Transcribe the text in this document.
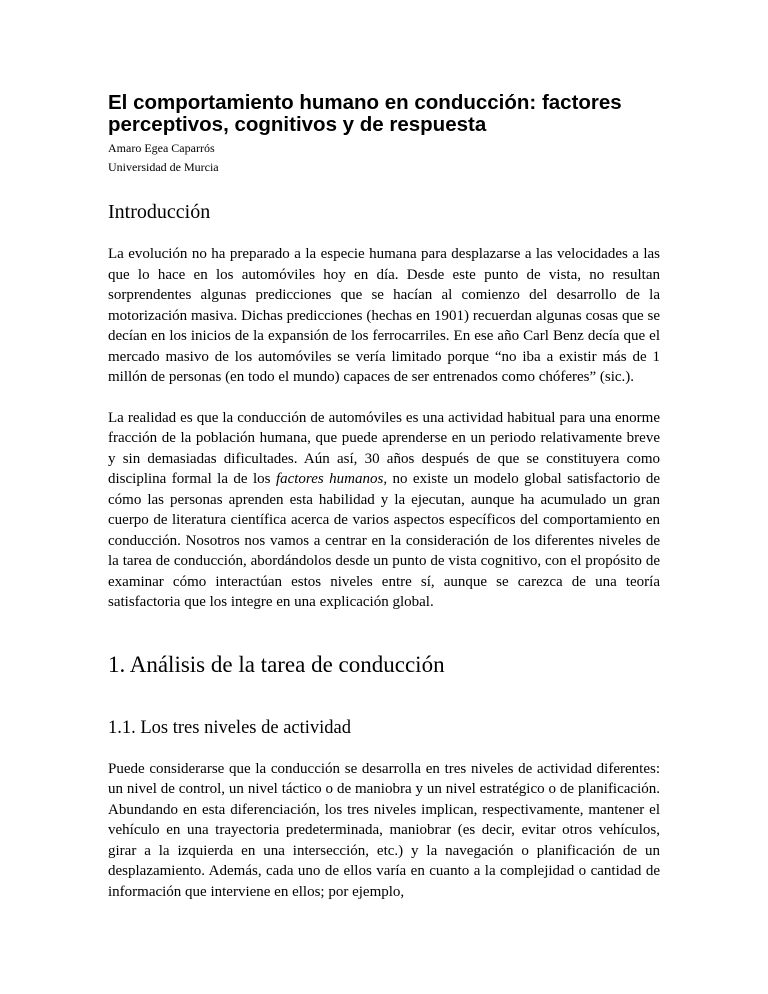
El comportamiento humano en conducción: factores
perceptivos, cognitivos y de respuesta

Amaro Egea Caparrós

Universidad de Murcia

Introducción

La evolución no ha preparado a la especie humana para desplazarse a las velocidades a las que lo hace en los automóviles hoy en día. Desde este punto de vista, no resultan sorprendentes algunas predicciones que se hacían al comienzo del desarrollo de la motorización masiva. Dichas predicciones (hechas en 1901) recuerdan algunas cosas que se decían en los inicios de la expansión de los ferrocarriles. En ese año Carl Benz decía que el mercado masivo de los automóviles se vería limitado porque “no iba a existir más de 1 millón de personas (en todo el mundo) capaces de ser entrenados como chóferes” (sic.).

La realidad es que la conducción de automóviles es una actividad habitual para una enorme fracción de la población humana, que puede aprenderse en un periodo relativamente breve y sin demasiadas dificultades. Aún así, 30 años después de que se constituyera como disciplina formal la de los factores humanos, no existe un modelo global satisfactorio de cómo las personas aprenden esta habilidad y la ejecutan, aunque ha acumulado un gran cuerpo de literatura científica acerca de varios aspectos específicos del comportamiento en conducción. Nosotros nos vamos a centrar en la consideración de los diferentes niveles de la tarea de conducción, abordándolos desde un punto de vista cognitivo, con el propósito de examinar cómo interactúan estos niveles entre sí, aunque se carezca de una teoría satisfactoria que los integre en una explicación global.

1. Análisis de la tarea de conducción
1.1. Los tres niveles de actividad

Puede considerarse que la conducción se desarrolla en tres niveles de actividad diferentes: un nivel de control, un nivel táctico o de maniobra y un nivel estratégico o de planificación. Abundando en esta diferenciación, los tres niveles implican, respectivamente, mantener el vehículo en una trayectoria predeterminada, maniobrar (es decir, evitar otros vehículos, girar a la izquierda en una intersección, etc.) y la navegación o planificación de un desplazamiento. Además, cada uno de ellos varía en cuanto a la complejidad o cantidad de información que interviene en ellos; por ejemplo,
